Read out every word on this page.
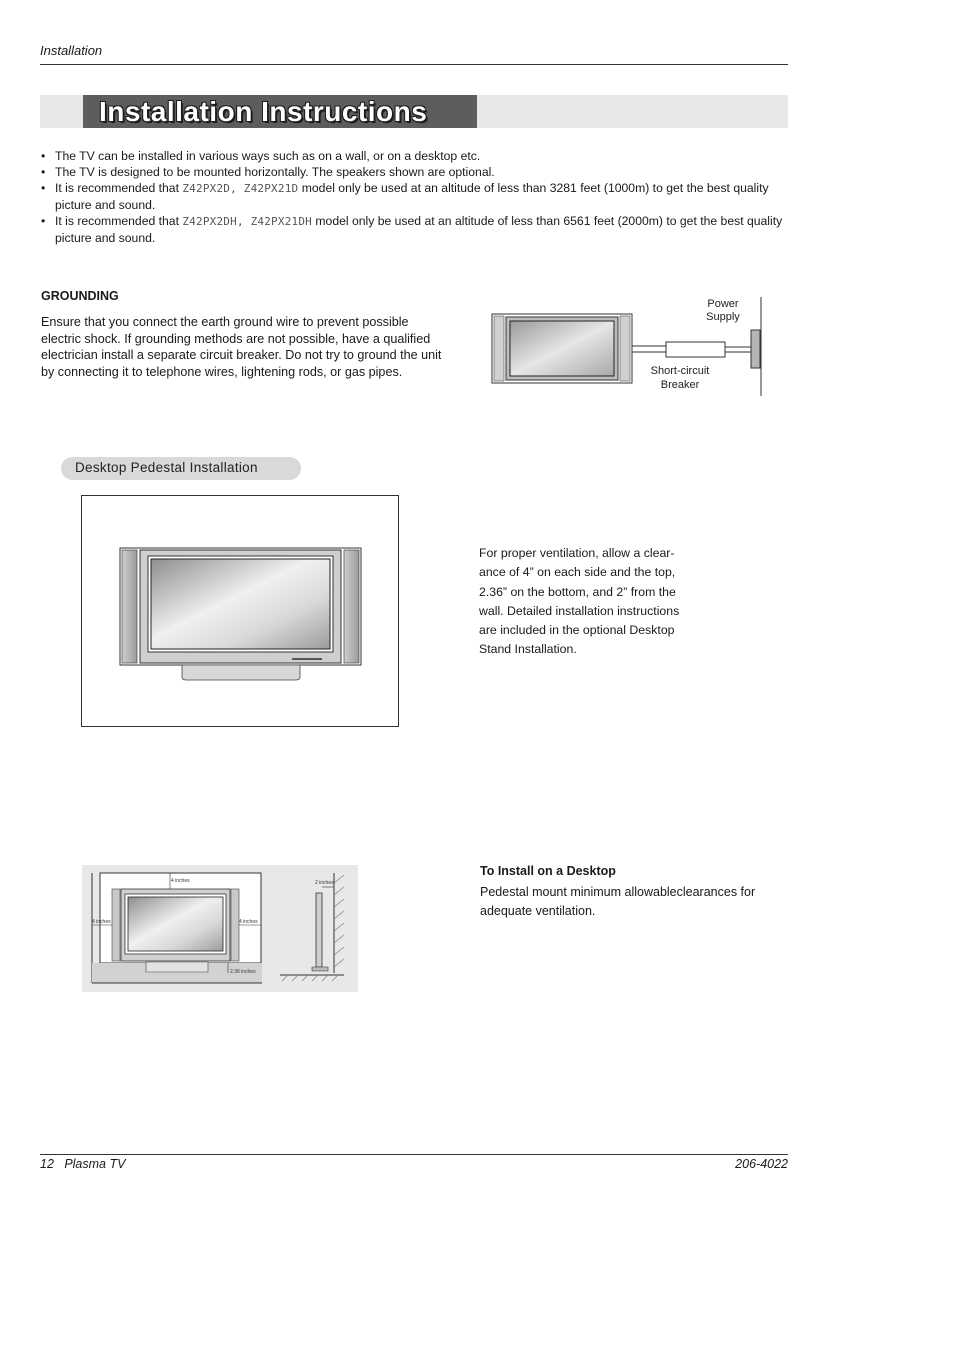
Installation
Installation Instructions
• The TV can be installed in various ways such as on a wall, or on a desktop etc.
• The TV is designed to be mounted horizontally. The speakers shown are optional.
• It is recommended that Z42PX2D, Z42PX21D model only be used at an altitude of less than 3281 feet (1000m) to get the best quality picture and sound.
• It is recommended that Z42PX2DH, Z42PX21DH model only be used at an altitude of less than 6561 feet (2000m) to get the best quality picture and sound.
GROUNDING
Ensure that you connect the earth ground wire to prevent possible electric shock. If grounding methods are not possible, have a qualified electrician install a separate circuit breaker. Do not try to ground the unit by connecting it to telephone wires, lightening rods, or gas pipes.
Power
Supply
Short-circuit
Breaker
Desktop Pedestal Installation
For proper ventilation, allow a clear-ance of 4” on each side and the top, 2.36” on the bottom, and 2” from the wall. Detailed installation instructions are included in the optional Desktop Stand Installation.
4 inches
4 inches	4 inches
2.36 inches
2 inches
To Install on a Desktop
Pedestal mount minimum allowableclearances for adequate ventilation.
12   Plasma TV	206-4022
